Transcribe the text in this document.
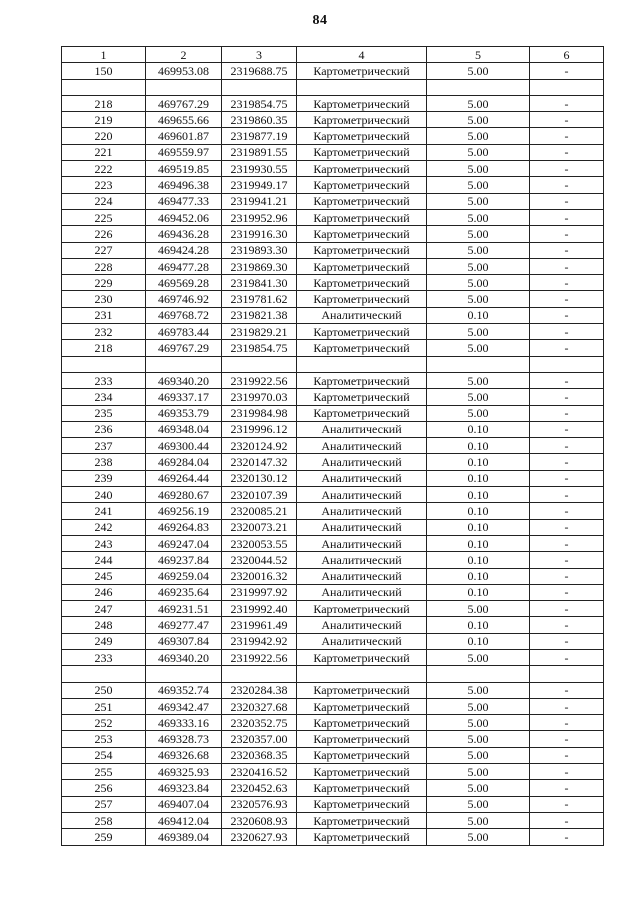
84
1	2	3	4	5	6
150	469953.08	2319688.75	Картометрический	5.00	-

218	469767.29	2319854.75	Картометрический	5.00	-
219	469655.66	2319860.35	Картометрический	5.00	-
220	469601.87	2319877.19	Картометрический	5.00	-
221	469559.97	2319891.55	Картометрический	5.00	-
222	469519.85	2319930.55	Картометрический	5.00	-
223	469496.38	2319949.17	Картометрический	5.00	-
224	469477.33	2319941.21	Картометрический	5.00	-
225	469452.06	2319952.96	Картометрический	5.00	-
226	469436.28	2319916.30	Картометрический	5.00	-
227	469424.28	2319893.30	Картометрический	5.00	-
228	469477.28	2319869.30	Картометрический	5.00	-
229	469569.28	2319841.30	Картометрический	5.00	-
230	469746.92	2319781.62	Картометрический	5.00	-
231	469768.72	2319821.38	Аналитический	0.10	-
232	469783.44	2319829.21	Картометрический	5.00	-
218	469767.29	2319854.75	Картометрический	5.00	-

233	469340.20	2319922.56	Картометрический	5.00	-
234	469337.17	2319970.03	Картометрический	5.00	-
235	469353.79	2319984.98	Картометрический	5.00	-
236	469348.04	2319996.12	Аналитический	0.10	-
237	469300.44	2320124.92	Аналитический	0.10	-
238	469284.04	2320147.32	Аналитический	0.10	-
239	469264.44	2320130.12	Аналитический	0.10	-
240	469280.67	2320107.39	Аналитический	0.10	-
241	469256.19	2320085.21	Аналитический	0.10	-
242	469264.83	2320073.21	Аналитический	0.10	-
243	469247.04	2320053.55	Аналитический	0.10	-
244	469237.84	2320044.52	Аналитический	0.10	-
245	469259.04	2320016.32	Аналитический	0.10	-
246	469235.64	2319997.92	Аналитический	0.10	-
247	469231.51	2319992.40	Картометрический	5.00	-
248	469277.47	2319961.49	Аналитический	0.10	-
249	469307.84	2319942.92	Аналитический	0.10	-
233	469340.20	2319922.56	Картометрический	5.00	-

250	469352.74	2320284.38	Картометрический	5.00	-
251	469342.47	2320327.68	Картометрический	5.00	-
252	469333.16	2320352.75	Картометрический	5.00	-
253	469328.73	2320357.00	Картометрический	5.00	-
254	469326.68	2320368.35	Картометрический	5.00	-
255	469325.93	2320416.52	Картометрический	5.00	-
256	469323.84	2320452.63	Картометрический	5.00	-
257	469407.04	2320576.93	Картометрический	5.00	-
258	469412.04	2320608.93	Картометрический	5.00	-
259	469389.04	2320627.93	Картометрический	5.00	-
